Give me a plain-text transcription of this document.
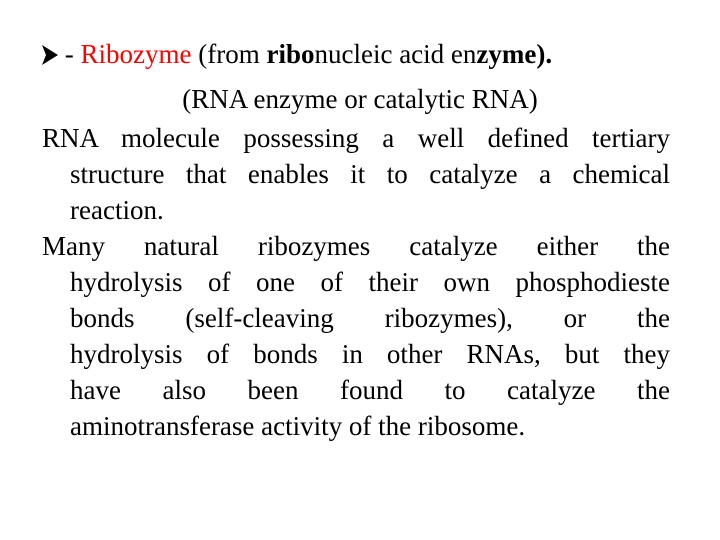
- Ribozyme (from ribonucleic acid enzyme).
(RNA enzyme or catalytic RNA)
RNA molecule possessing a well defined tertiary
structure that enables it to catalyze a chemical
reaction.
Many natural ribozymes catalyze either the
hydrolysis of one of their own phosphodieste
bonds (self-cleaving ribozymes), or the
hydrolysis of bonds in other RNAs, but they
have also been found to catalyze the
aminotransferase activity of the ribosome.
